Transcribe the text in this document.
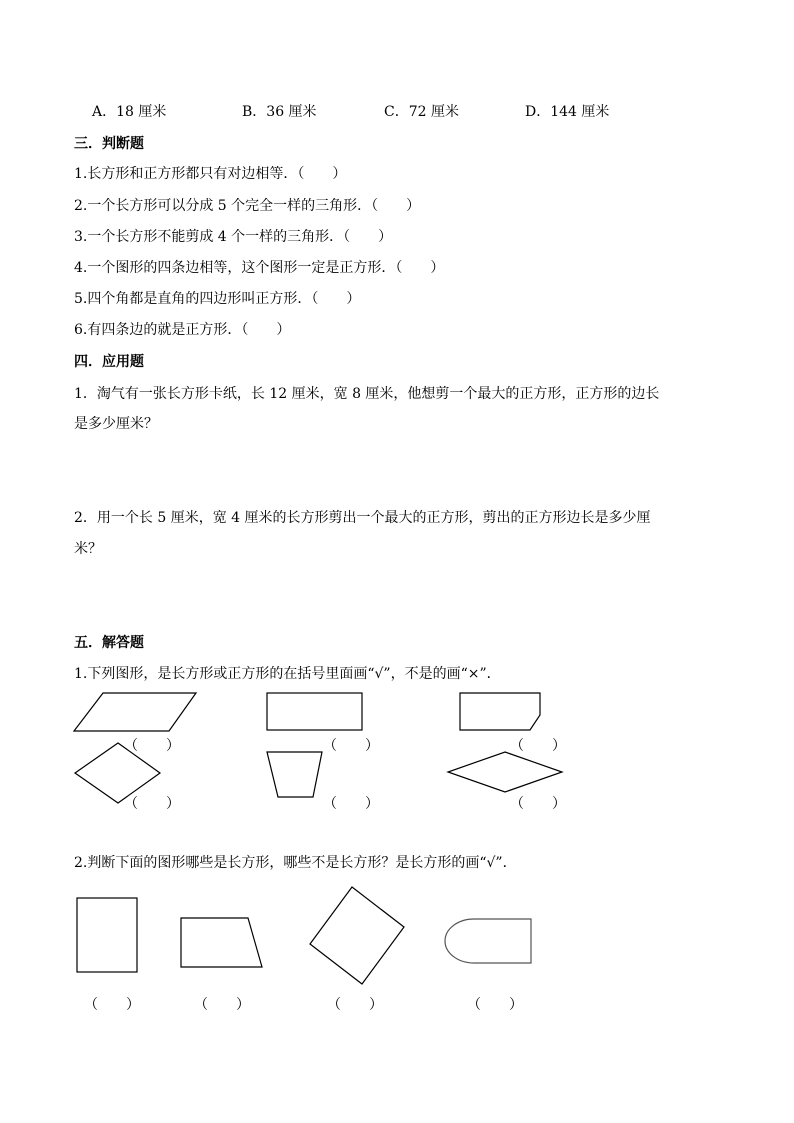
A．18 厘米	B．36 厘米	C．72 厘米	D．144 厘米
三．判断题
1.长方形和正方形都只有对边相等．（　　）
2.一个长方形可以分成 5 个完全一样的三角形．（　　）
3.一个长方形不能剪成 4 个一样的三角形．（　　）
4.一个图形的四条边相等，这个图形一定是正方形．（　　）
5.四个角都是直角的四边形叫正方形．（　　）
6.有四条边的就是正方形．（　　）
四．应用题
1．淘气有一张长方形卡纸，长 12 厘米，宽 8 厘米，他想剪一个最大的正方形，正方形的边长
是多少厘米？
2．用一个长 5 厘米，宽 4 厘米的长方形剪出一个最大的正方形，剪出的正方形边长是多少厘
米？
五．解答题
1.下列图形，是长方形或正方形的在括号里面画“√”，不是的画“×”．
2.判断下面的图形哪些是长方形，哪些不是长方形？是长方形的画“√”．
（　　）	（　　）	（　　）
（　　）	（　　）	（　　）
（　　）	（　　）	（　　）	（　　）
